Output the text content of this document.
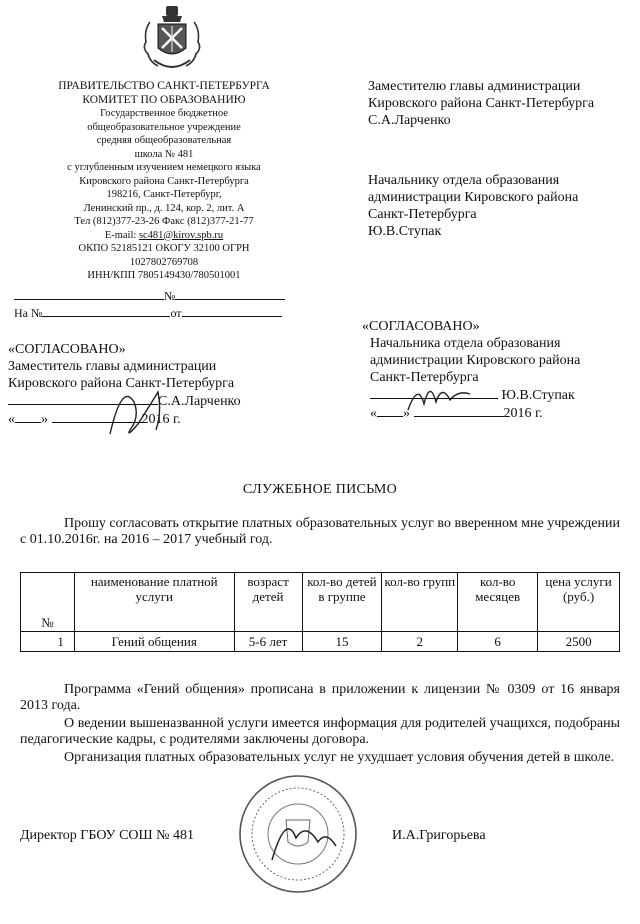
ПРАВИТЕЛЬСТВО САНКТ-ПЕТЕРБУРГА
КОМИТЕТ ПО ОБРАЗОВАНИЮ
Государственное бюджетное
общеобразовательное учреждение
средняя общеобразовательная
школа № 481
с углубленным изучением немецкого языка
Кировского района Санкт-Петербурга
198216, Санкт-Петербург,
Ленинский пр., д. 124, кор. 2, лит. А
Тел (812)377-23-26 Факс (812)377-21-77
E-mail: sc481@kirov.spb.ru
ОКПО 52185121 ОКОГУ 32100 ОГРН
1027802769708
ИНН/КПП 7805149430/780501001
№
На №	от
Заместителю главы администрации
Кировского района Санкт-Петербурга
С.А.Ларченко
Начальнику отдела образования
администрации Кировского района
Санкт-Петербурга
Ю.В.Ступак
«СОГЛАСОВАНО»
Заместитель главы администрации
Кировского района Санкт-Петербурга
С.А.Ларченко
« »	2016 г.
«СОГЛАСОВАНО»
Начальника отдела образования
администрации Кировского района
Санкт-Петербурга
Ю.В.Ступак
« »	2016 г.
СЛУЖЕБНОЕ ПИСЬМО
Прошу согласовать открытие платных образовательных услуг во вверенном мне учреждении с 01.10.2016г. на 2016 – 2017 учебный год.
№	наименование платной услуги	возраст детей	кол-во детей в группе	кол-во групп	кол-во месяцев	цена услуги (руб.)
1	Гений общения	5-6 лет	15	2	6	2500
Программа «Гений общения» прописана в приложении к лицензии № 0309 от 16 января 2013 года.
О ведении вышеназванной услуги имеется информация для родителей учащихся, подобраны педагогические кадры, с родителями заключены договора.
Организация платных образовательных услуг не ухудшает условия обучения детей в школе.
Директор ГБОУ СОШ № 481	И.А.Григорьева
